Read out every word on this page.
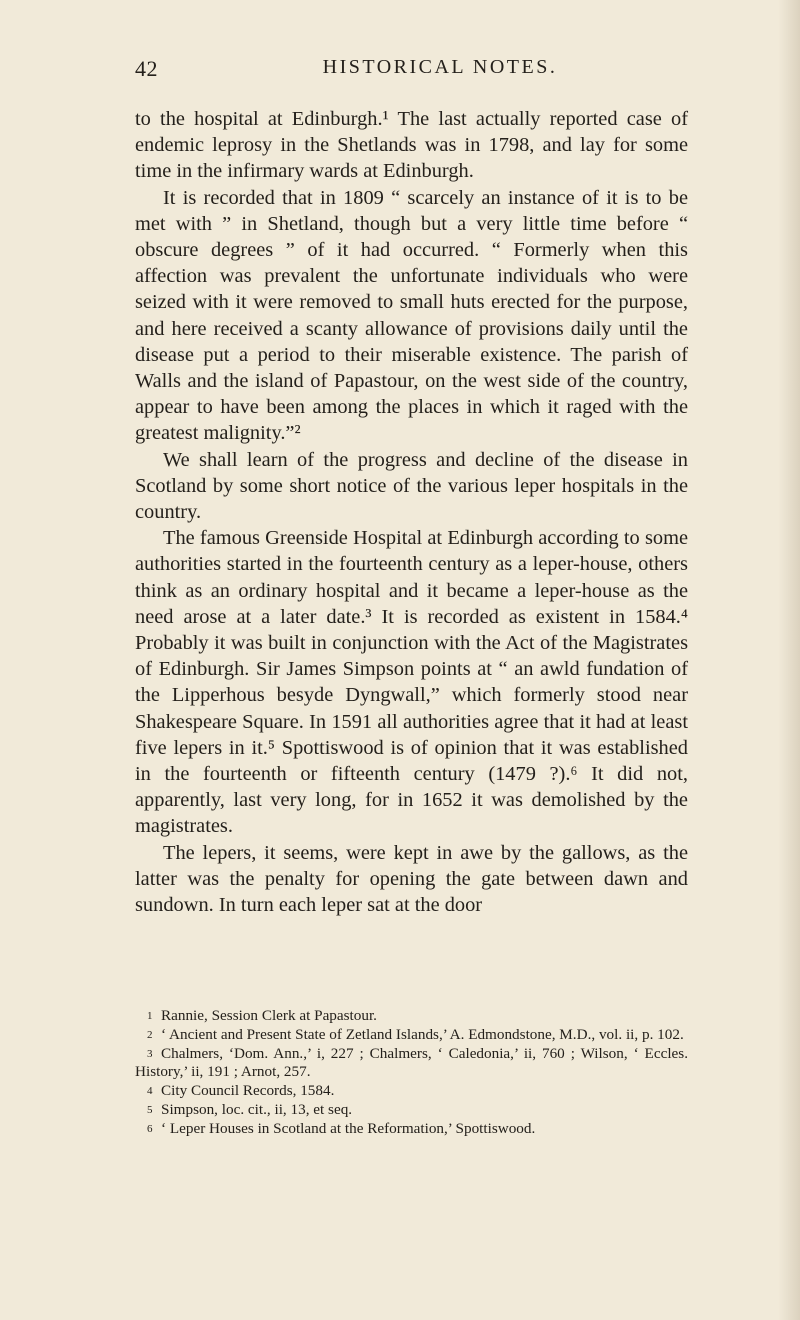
42	HISTORICAL NOTES.

to the hospital at Edinburgh.¹ The last actually reported case of endemic leprosy in the Shetlands was in 1798, and lay for some time in the infirmary wards at Edinburgh.

It is recorded that in 1809 “ scarcely an instance of it is to be met with ” in Shetland, though but a very little time before “ obscure degrees ” of it had occurred. “ Formerly when this affection was prevalent the unfortunate individuals who were seized with it were removed to small huts erected for the purpose, and here received a scanty allowance of provisions daily until the disease put a period to their miserable existence. The parish of Walls and the island of Papastour, on the west side of the country, appear to have been among the places in which it raged with the greatest malignity.”²

We shall learn of the progress and decline of the disease in Scotland by some short notice of the various leper hospitals in the country.

The famous Greenside Hospital at Edinburgh according to some authorities started in the fourteenth century as a leper-house, others think as an ordinary hospital and it became a leper-house as the need arose at a later date.³ It is recorded as existent in 1584.⁴ Probably it was built in conjunction with the Act of the Magistrates of Edinburgh. Sir James Simpson points at “ an awld fundation of the Lipperhous besyde Dyngwall,” which formerly stood near Shakespeare Square. In 1591 all authorities agree that it had at least five lepers in it.⁵ Spottiswood is of opinion that it was established in the fourteenth or fifteenth century (1479 ?).⁶ It did not, apparently, last very long, for in 1652 it was demolished by the magistrates.

The lepers, it seems, were kept in awe by the gallows, as the latter was the penalty for opening the gate between dawn and sundown. In turn each leper sat at the door

1 Rannie, Session Clerk at Papastour.
2 ‘ Ancient and Present State of Zetland Islands,’ A. Edmondstone, M.D., vol. ii, p. 102.
3 Chalmers, ‘Dom. Ann.,’ i, 227 ; Chalmers, ‘ Caledonia,’ ii, 760 ; Wilson, ‘ Eccles. History,’ ii, 191 ; Arnot, 257.
4 City Council Records, 1584.
5 Simpson, loc. cit., ii, 13, et seq.
6 ‘ Leper Houses in Scotland at the Reformation,’ Spottiswood.
